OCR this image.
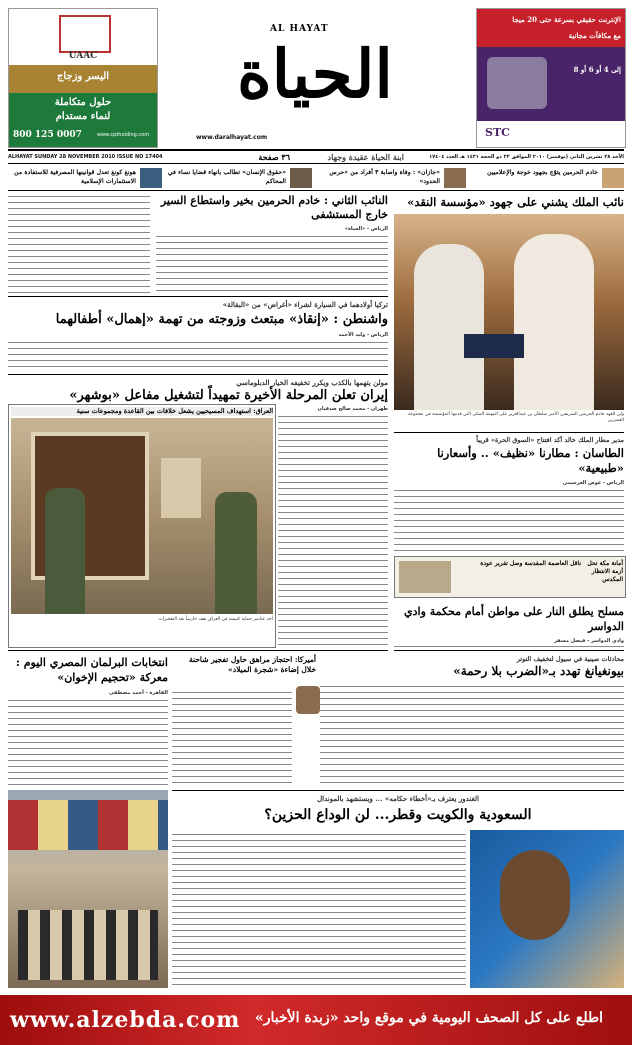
UAAC
اليسر وزجاج
حلول متكاملة
لنماء مستدام
800 125 0007	www.cptholding.com
AL HAYAT
الحياة
www.daralhayat.com
الإنترنت حقيقي بسرعة حتى 20 ميجا
مع مكافآت مجانية
إلى 4 أو 6 أو 8
STC
ALHAYAT SUNDAY 28 NOVEMBER 2010 ISSUE NO 17404	٣٦ صفحة	ابنة الحياة عقيدة وجهاد	الأحد ٢٨ تشرين الثاني (نوفمبر) ٢٠١٠ الموافق ٢٢ ذو الحجة ١٤٣١ هـ العدد ١٧٤٠٤
خادم الحرمين يتوّج بجهود خوجة والإعلاميين
«جازان» : وفاة واصابة ٣ أفراد من «حرس الحدود»
«حقوق الإنسان» تطالب بانهاء قضايا نساء في المحاكم
هونغ كونغ تعدل قوانينها المصرفية للاستفادة من الاستثمارات الإسلامية
نائب الملك يشني على جهود «مؤسسة النقد»
ولي العهد خادم الحرمين الشريفين الأمير سلطان بن عبدالعزيز على المهمة المثلى التي قدمها المؤسسة في مجموعة العشرين
النائب الثاني : خادم الحرمين بخير واستطاع السير خارج المستشفى
الرياض - «الحياة»
تركيا أولادهما في السيارة لشراء «أغراض» من «البقالة»
واشنطن : «إنقاذ» مبتعث وزوجته من تهمة «إهمال» أطفالهما
الرياض - وليد الأحمد
مولن يتهمها بالكذب ويكرر تخفيفه الخيار الدبلوماسي
إيران تعلن المرحلة الأخيرة تمهيداً لتشغيل مفاعل «بوشهر»
طهران - محمد صالح صدقيان
العراق: استهداف المسيحيين يشعل خلافات بين القاعدة ومجموعات سنية
أحد عناصر حماية كنيسة في العراق يقف حارساً بعد التفجيرات
مدير مطار الملك خالد أكد افتتاح «السوق الحرة» قريباً
الطاسان : مطارنا «نظيف» .. وأسعارنا «طبيعية»
الرياض - عوض العرشيني
ناقل العاصمة المقدسة وصل تقرير عودة	أمانة مكة تحل أزمة الانتظار المكدس
مسلح يطلق النار على مواطن أمام محكمة وادي الدواسر
وادي الدواسر - فيصل مسفر
محادثات صينية في سيول لتخفيف التوتر
بيونغيانغ تهدد بـ«الضرب بلا رحمة»
أميركا: احتجاز مراهق حاول تفجير شاحنة خلال إضاءة «شجرة الميلاد»
انتخابات البرلمان المصري اليوم : معركة «تحجيم الإخوان»
القاهرة - أحمد مصطفى
الغندور يعترف بـ«أخطاء حكامه» ... ويستشهد بالموندال
السعودية والكويت وقطر... لن الوداع الحزين؟
www.alzebda.com	اطلع على كل الصحف اليومية في موقع واحد «زبدة الأخبار»
